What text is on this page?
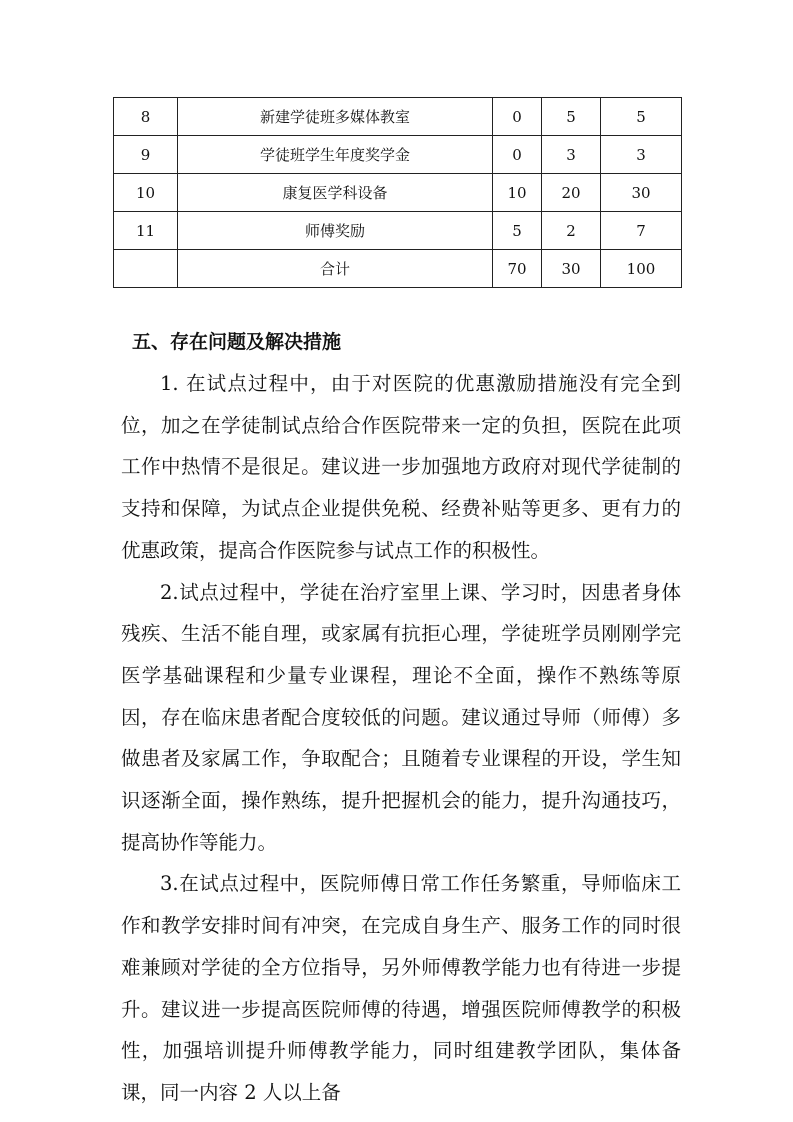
8	新建学徒班多媒体教室	0	5	5
9	学徒班学生年度奖学金	0	3	3
10	康复医学科设备	10	20	30
11	师傅奖励	5	2	7
	合计	70	30	100
五、存在问题及解决措施

1. 在试点过程中，由于对医院的优惠激励措施没有完全到位，加之在学徒制试点给合作医院带来一定的负担，医院在此项工作中热情不是很足。建议进一步加强地方政府对现代学徒制的支持和保障，为试点企业提供免税、经费补贴等更多、更有力的优惠政策，提高合作医院参与试点工作的积极性。

2.试点过程中，学徒在治疗室里上课、学习时，因患者身体残疾、生活不能自理，或家属有抗拒心理，学徒班学员刚刚学完医学基础课程和少量专业课程，理论不全面，操作不熟练等原因，存在临床患者配合度较低的问题。建议通过导师（师傅）多做患者及家属工作，争取配合；且随着专业课程的开设，学生知识逐渐全面，操作熟练，提升把握机会的能力，提升沟通技巧，提高协作等能力。

3.在试点过程中，医院师傅日常工作任务繁重，导师临床工作和教学安排时间有冲突，在完成自身生产、服务工作的同时很难兼顾对学徒的全方位指导，另外师傅教学能力也有待进一步提升。建议进一步提高医院师傅的待遇，增强医院师傅教学的积极性，加强培训提升师傅教学能力，同时组建教学团队，集体备课，同一内容 2 人以上备
